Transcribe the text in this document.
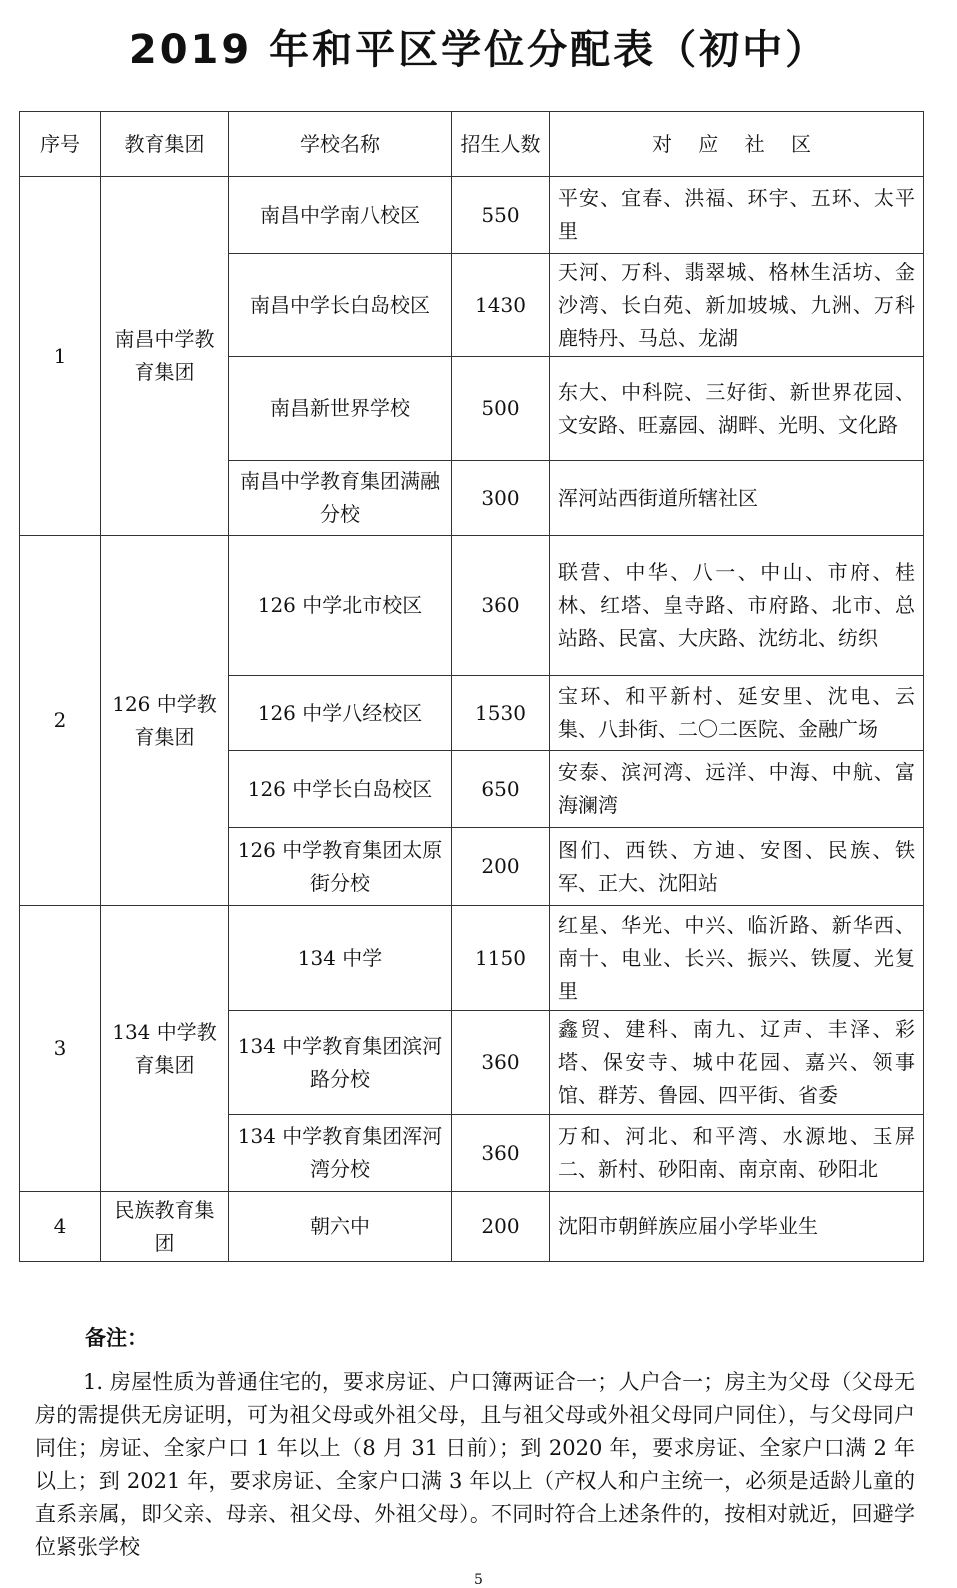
2019 年和平区学位分配表（初中）
序号	教育集团	学校名称	招生人数	对 应 社 区
1	南昌中学教育集团	南昌中学南八校区	550	平安、宜春、洪福、环宇、五环、太平里
		南昌中学长白岛校区	1430	天河、万科、翡翠城、格林生活坊、金沙湾、长白苑、新加坡城、九洲、万科鹿特丹、马总、龙湖
		南昌新世界学校	500	东大、中科院、三好街、新世界花园、文安路、旺嘉园、湖畔、光明、文化路
		南昌中学教育集团满融分校	300	浑河站西街道所辖社区
2	126 中学教育集团	126 中学北市校区	360	联营、中华、八一、中山、市府、桂林、红塔、皇寺路、市府路、北市、总站路、民富、大庆路、沈纺北、纺织
		126 中学八经校区	1530	宝环、和平新村、延安里、沈电、云集、八卦街、二〇二医院、金融广场
		126 中学长白岛校区	650	安泰、滨河湾、远洋、中海、中航、富海澜湾
		126 中学教育集团太原街分校	200	图们、西铁、方迪、安图、民族、铁军、正大、沈阳站
3	134 中学教育集团	134 中学	1150	红星、华光、中兴、临沂路、新华西、南十、电业、长兴、振兴、铁厦、光复里
		134 中学教育集团滨河路分校	360	鑫贸、建科、南九、辽声、丰泽、彩塔、保安寺、城中花园、嘉兴、领事馆、群芳、鲁园、四平街、省委
		134 中学教育集团浑河湾分校	360	万和、河北、和平湾、水源地、玉屏二、新村、砂阳南、南京南、砂阳北
4	民族教育集团	朝六中	200	沈阳市朝鲜族应届小学毕业生
备注：
1. 房屋性质为普通住宅的，要求房证、户口簿两证合一；人户合一；房主为父母（父母无房的需提供无房证明，可为祖父母或外祖父母，且与祖父母或外祖父母同户同住），与父母同户同住；房证、全家户口 1 年以上（8 月 31 日前）；到 2020 年，要求房证、全家户口满 2 年以上；到 2021 年，要求房证、全家户口满 3 年以上（产权人和户主统一，必须是适龄儿童的直系亲属，即父亲、母亲、祖父母、外祖父母）。不同时符合上述条件的，按相对就近，回避学位紧张学校
5
